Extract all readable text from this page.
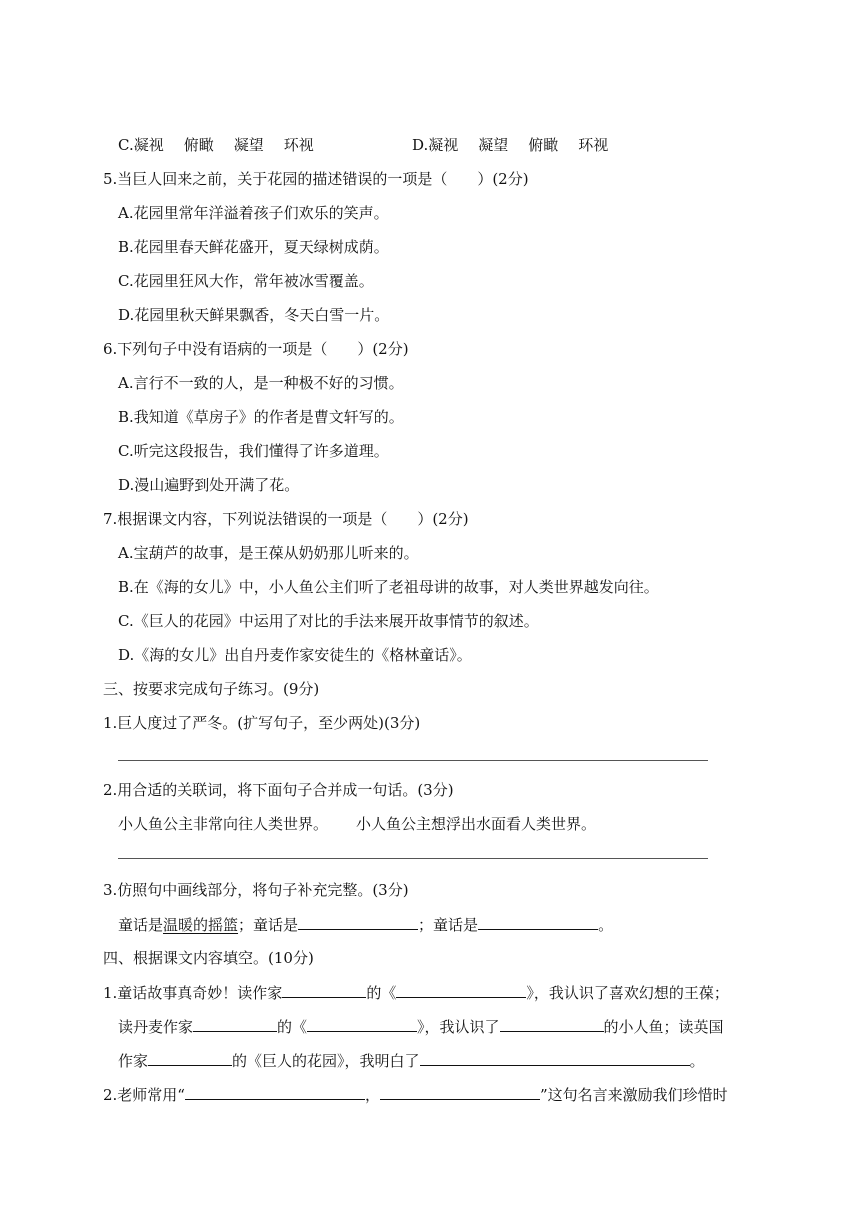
C.凝视 俯瞰 凝望 环视	D.凝视 凝望 俯瞰 环视
5.当巨人回来之前，关于花园的描述错误的一项是（　　）(2分)
A.花园里常年洋溢着孩子们欢乐的笑声。
B.花园里春天鲜花盛开，夏天绿树成荫。
C.花园里狂风大作，常年被冰雪覆盖。
D.花园里秋天鲜果飘香，冬天白雪一片。
6.下列句子中没有语病的一项是（　　）(2分)
A.言行不一致的人，是一种极不好的习惯。
B.我知道《草房子》的作者是曹文轩写的。
C.听完这段报告，我们懂得了许多道理。
D.漫山遍野到处开满了花。
7.根据课文内容，下列说法错误的一项是（　　）(2分)
A.宝葫芦的故事，是王葆从奶奶那儿听来的。
B.在《海的女儿》中，小人鱼公主们听了老祖母讲的故事，对人类世界越发向往。
C.《巨人的花园》中运用了对比的手法来展开故事情节的叙述。
D.《海的女儿》出自丹麦作家安徒生的《格林童话》。
三、按要求完成句子练习。(9分)
1.巨人度过了严冬。(扩写句子，至少两处)(3分)
2.用合适的关联词，将下面句子合并成一句话。(3分)
小人鱼公主非常向往人类世界。 小人鱼公主想浮出水面看人类世界。
3.仿照句中画线部分，将句子补充完整。(3分)
童话是温暖的摇篮；童话是	；童话是	。
四、根据课文内容填空。(10分)
1.童话故事真奇妙！读作家	的《	》，我认识了喜欢幻想的王葆；
读丹麦作家	的《	》，我认识了	的小人鱼；读英国
作家	的《巨人的花园》，我明白了	。
2.老师常用“	，	”这句名言来激励我们珍惜时
